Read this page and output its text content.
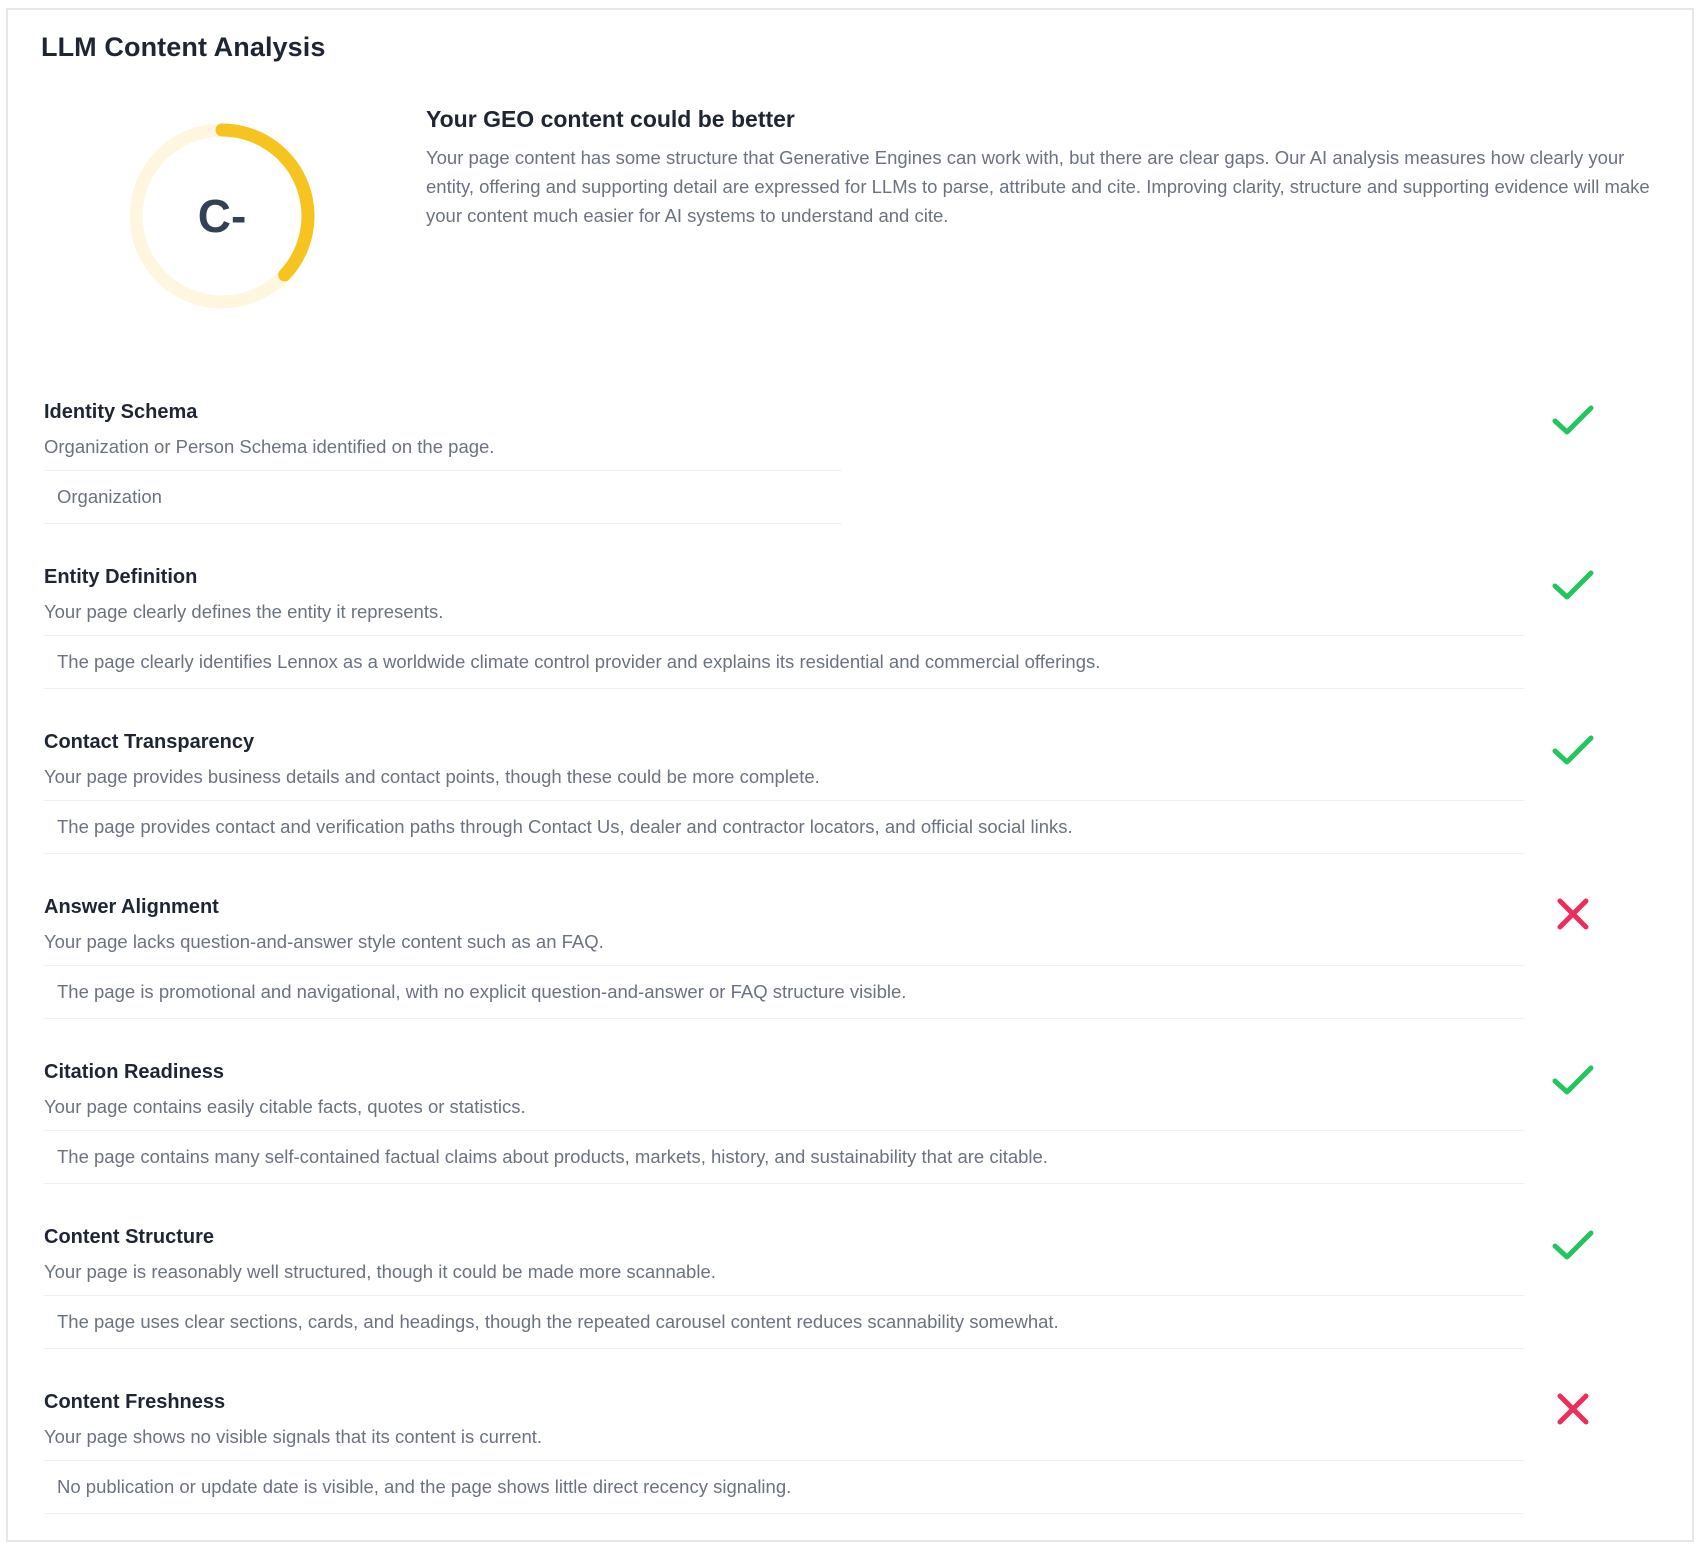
LLM Content Analysis
C-
Your GEO content could be better

Your page content has some structure that Generative Engines can work with, but there are clear gaps. Our AI analysis measures how clearly your entity, offering and supporting detail are expressed for LLMs to parse, attribute and cite. Improving clarity, structure and supporting evidence will make your content much easier for AI systems to understand and cite.

Identity Schema

Organization or Person Schema identified on the page.

Organization

Entity Definition

Your page clearly defines the entity it represents.

The page clearly identifies Lennox as a worldwide climate control provider and explains its residential and commercial offerings.

Contact Transparency

Your page provides business details and contact points, though these could be more complete.

The page provides contact and verification paths through Contact Us, dealer and contractor locators, and official social links.

Answer Alignment

Your page lacks question-and-answer style content such as an FAQ.

The page is promotional and navigational, with no explicit question-and-answer or FAQ structure visible.

Citation Readiness

Your page contains easily citable facts, quotes or statistics.

The page contains many self-contained factual claims about products, markets, history, and sustainability that are citable.

Content Structure

Your page is reasonably well structured, though it could be made more scannable.

The page uses clear sections, cards, and headings, though the repeated carousel content reduces scannability somewhat.

Content Freshness

Your page shows no visible signals that its content is current.

No publication or update date is visible, and the page shows little direct recency signaling.
